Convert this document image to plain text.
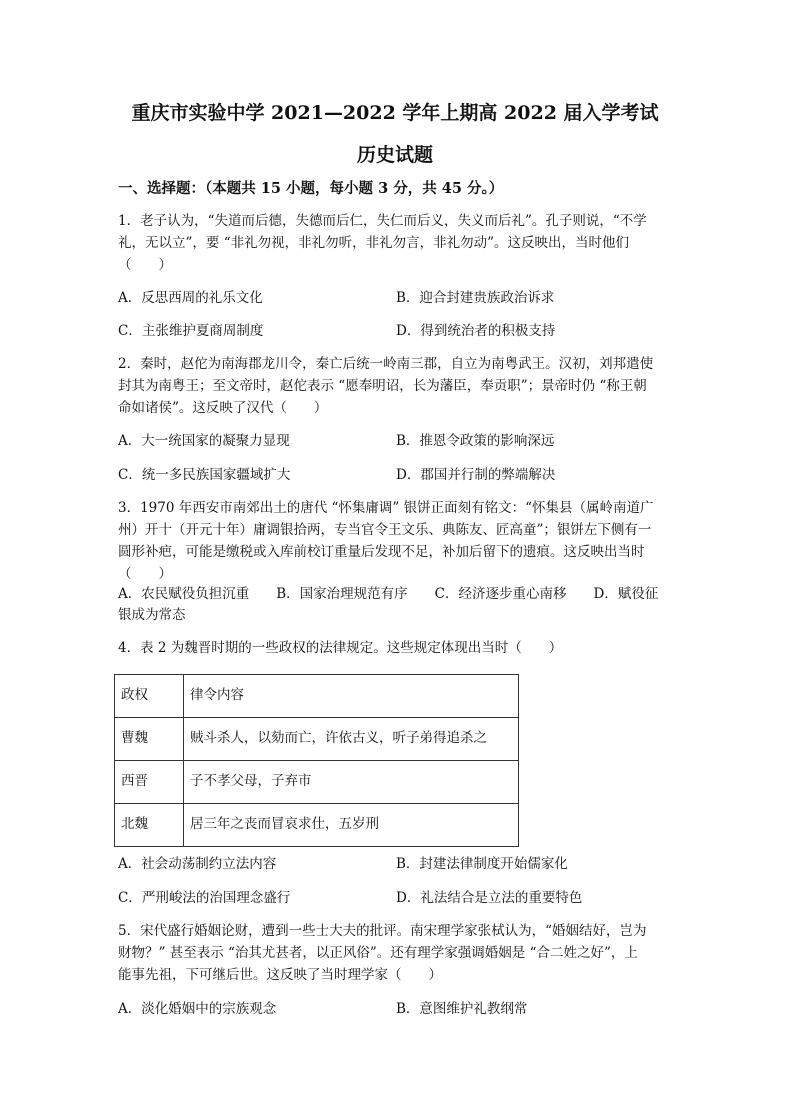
重庆市实验中学 2021—2022 学年上期高 2022 届入学考试
历史试题
一、选择题：（本题共 15 小题，每小题 3 分，共 45 分。）
1．老子认为，“失道而后德，失德而后仁，失仁而后义，失义而后礼”。孔子则说，“不学
礼，无以立”，要 “非礼勿视，非礼勿听，非礼勿言，非礼勿动”。这反映出，当时他们
（　　）
A．反思西周的礼乐文化	B．迎合封建贵族政治诉求
C．主张维护夏商周制度	D．得到统治者的积极支持
2．秦时，赵佗为南海郡龙川令，秦亡后统一岭南三郡，自立为南粤武王。汉初，刘邦遣使
封其为南粤王；至文帝时，赵佗表示 “愿奉明诏，长为藩臣，奉贡职”；景帝时仍 “称王朝
命如诸侯”。这反映了汉代（　　）
A．大一统国家的凝聚力显现	B．推恩令政策的影响深远
C．统一多民族国家疆域扩大	D．郡国并行制的弊端解决
3．1970 年西安市南郊出土的唐代 “怀集庸调” 银饼正面刻有铭文：“怀集县（属岭南道广
州）开十（开元十年）庸调银拾两，专当官令王文乐、典陈友、匠高童”；银饼左下侧有一
圆形补疤，可能是缴税或入库前校订重量后发现不足，补加后留下的遗痕。这反映出当时
（　　）
A．农民赋役负担沉重　　B．国家治理规范有序　　C．经济逐步重心南移　　D．赋役征
银成为常态
4．表 2 为魏晋时期的一些政权的法律规定。这些规定体现出当时（　　）
政权	律令内容
曹魏	贼斗杀人，以劾而亡，许依古义，听子弟得追杀之
西晋	子不孝父母，子弃市
北魏	居三年之丧而冒哀求仕，五岁刑
A．社会动荡制约立法内容	B．封建法律制度开始儒家化
C．严刑峻法的治国理念盛行	D．礼法结合是立法的重要特色
5．宋代盛行婚姻论财，遭到一些士大夫的批评。南宋理学家张栻认为，“婚姻结好，岂为
财物？” 甚至表示 “治其尤甚者，以正风俗”。还有理学家强调婚姻是 “合二姓之好”，上
能事先祖，下可继后世。这反映了当时理学家（　　）
A．淡化婚姻中的宗族观念	B．意图维护礼教纲常
